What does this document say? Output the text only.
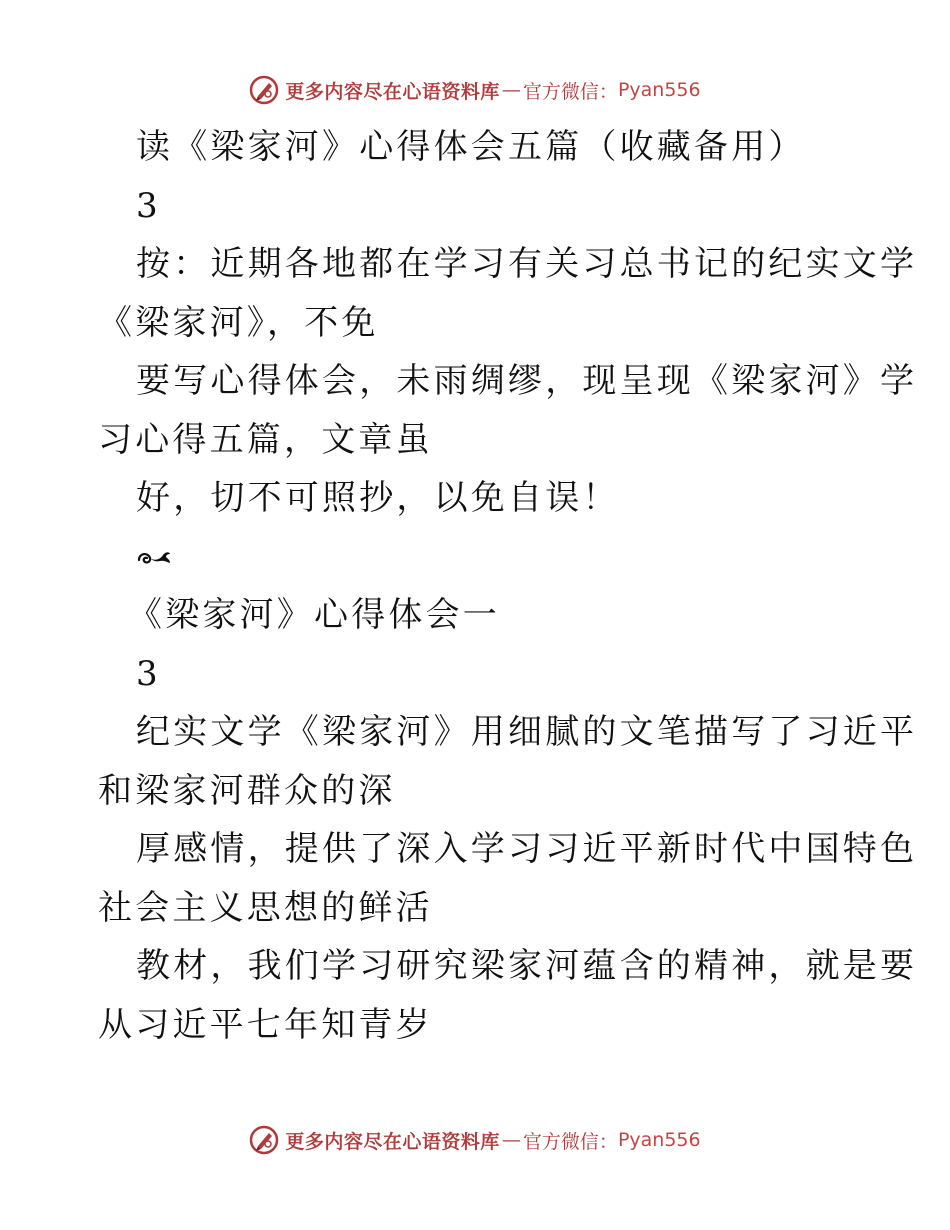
更多内容尽在心语资料库 — 官方微信： Pyan556
读《梁家河》心得体会五篇（收藏备用）
3
按：近期各地都在学习有关习总书记的纪实文学
《梁家河》，不免
要写心得体会，未雨绸缪，现呈现《梁家河》学
习心得五篇，文章虽
好，切不可照抄，以免自误！
《梁家河》心得体会一
3
纪实文学《梁家河》用细腻的文笔描写了习近平
和梁家河群众的深
厚感情，提供了深入学习习近平新时代中国特色
社会主义思想的鲜活
教材，我们学习研究梁家河蕴含的精神，就是要
从习近平七年知青岁
更多内容尽在心语资料库 — 官方微信： Pyan556
